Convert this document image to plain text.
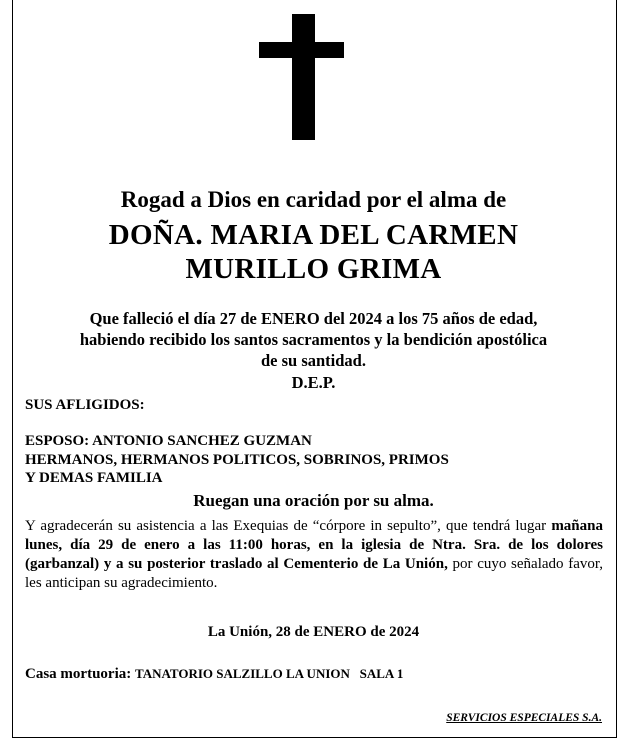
Rogad a Dios en caridad por el alma de
DOÑA. MARIA DEL CARMEN
MURILLO GRIMA
Que falleció el día 27 de ENERO del 2024 a los 75 años de edad,
habiendo recibido los santos sacramentos y la bendición apostólica
de su santidad.
D.E.P.
SUS AFLIGIDOS:
ESPOSO: ANTONIO SANCHEZ GUZMAN
HERMANOS, HERMANOS POLITICOS, SOBRINOS, PRIMOS
Y DEMAS FAMILIA
Ruegan una oración por su alma.
Y agradecerán su asistencia a las Exequias de “córpore in sepulto”, que tendrá lugar mañana lunes, día 29 de enero a las 11:00 horas, en la iglesia de Ntra. Sra. de los dolores (garbanzal) y a su posterior traslado al Cementerio de La Unión, por cuyo señalado favor, les anticipan su agradecimiento.
La Unión, 28 de ENERO de 2024
Casa mortuoria: TANATORIO SALZILLO LA UNION   SALA 1
SERVICIOS ESPECIALES S.A.
